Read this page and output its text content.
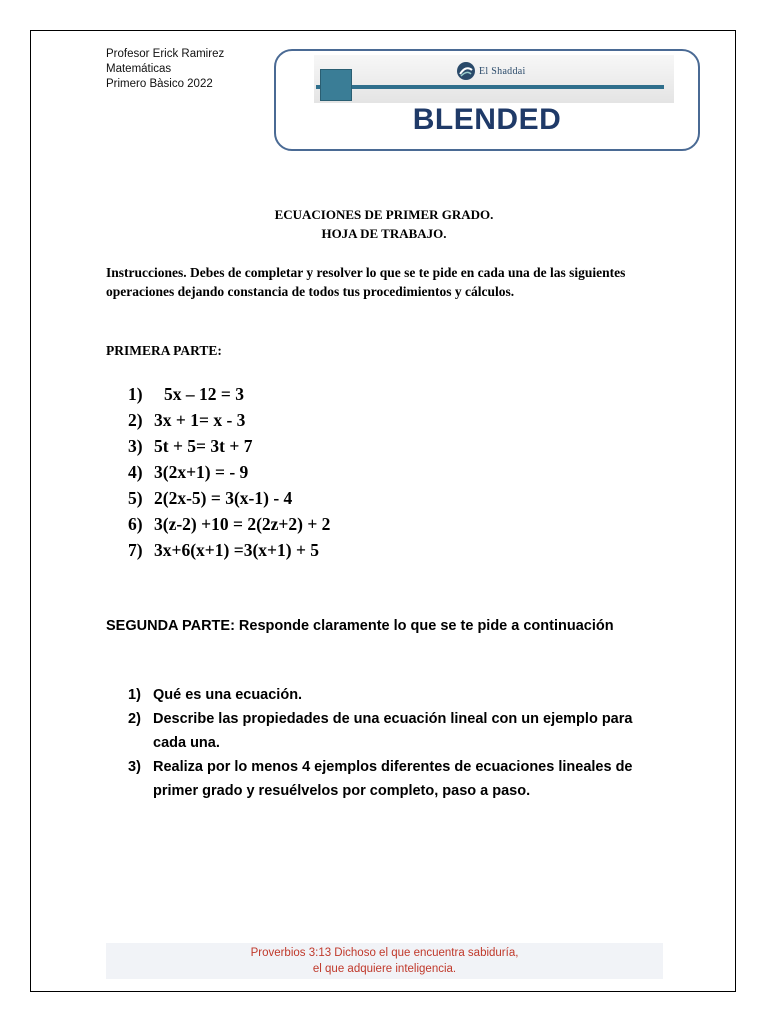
Profesor Erick Ramirez
Matemáticas
Primero Bàsico 2022
El Shaddai
BLENDED
ECUACIONES DE PRIMER GRADO.
HOJA DE TRABAJO.
Instrucciones. Debes de completar y resolver lo que se te pide en cada una de las siguientes operaciones dejando constancia de todos tus procedimientos y cálculos.
PRIMERA PARTE:
1) 5x – 12 = 3
2) 3x + 1= x - 3
3) 5t + 5= 3t + 7
4) 3(2x+1) = - 9
5) 2(2x-5) = 3(x-1) - 4
6) 3(z-2) +10 = 2(2z+2) + 2
7) 3x+6(x+1) =3(x+1) + 5
SEGUNDA PARTE: Responde claramente lo que se te pide a continuación
1) Qué es una ecuación.
2) Describe las propiedades de una ecuación lineal con un ejemplo para cada una.
3) Realiza por lo menos 4 ejemplos diferentes de ecuaciones lineales de primer grado y resuélvelos por completo, paso a paso.
Proverbios 3:13 Dichoso el que encuentra sabiduría,
el que adquiere inteligencia.
